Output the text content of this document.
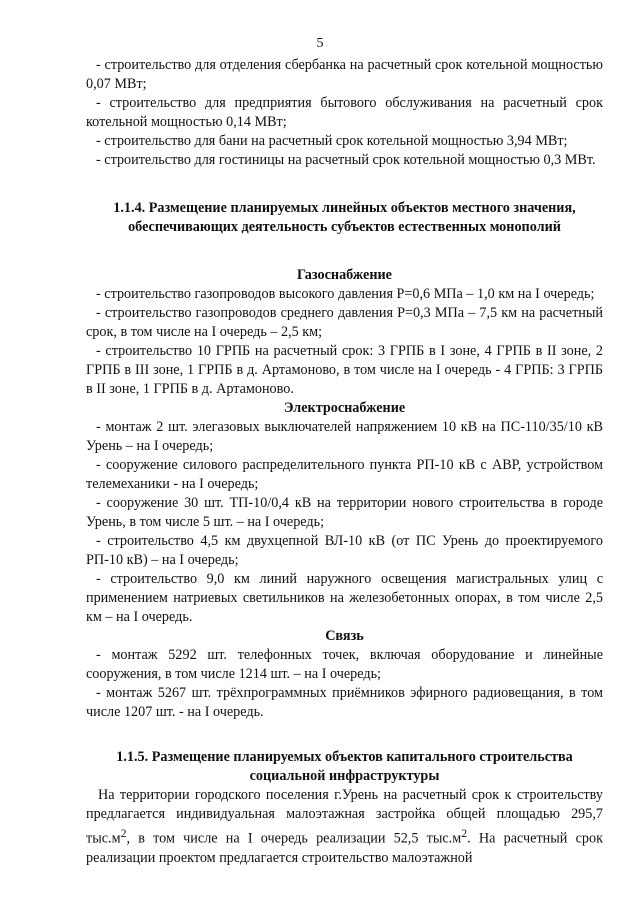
5

- строительство для отделения сбербанка на расчетный срок котельной мощностью 0,07 МВт;

- строительство для предприятия бытового обслуживания на расчетный срок котельной мощностью 0,14 МВт;

- строительство для бани на расчетный срок котельной мощностью 3,94 МВт;

- строительство для гостиницы на расчетный срок котельной мощностью 0,3 МВт.

1.1.4. Размещение планируемых линейных объектов местного значения, обеспечивающих деятельность субъектов естественных монополий

Газоснабжение

- строительство газопроводов высокого давления Р=0,6 МПа – 1,0 км на I очередь;

- строительство газопроводов среднего давления Р=0,3 МПа – 7,5 км на расчетный срок, в том числе на I очередь – 2,5 км;

- строительство 10 ГРПБ на расчетный срок: 3 ГРПБ в I зоне, 4 ГРПБ в II зоне, 2 ГРПБ в III зоне, 1 ГРПБ в д. Артамоново, в том числе на I очередь - 4 ГРПБ: 3 ГРПБ в II зоне, 1 ГРПБ в д. Артамоново.

Электроснабжение

- монтаж 2 шт. элегазовых выключателей напряжением 10 кВ на ПС-110/35/10 кВ Урень – на I очередь;

- сооружение силового распределительного пункта РП-10 кВ с АВР, устройством телемеханики - на I очередь;

- сооружение 30 шт. ТП-10/0,4 кВ на территории нового строительства в городе Урень, в том числе 5 шт. – на I очередь;

- строительство 4,5 км двухцепной ВЛ-10 кВ (от ПС Урень до проектируемого РП-10 кВ) – на I очередь;

- строительство 9,0 км линий наружного освещения магистральных улиц с применением натриевых светильников на железобетонных опорах, в том числе 2,5 км – на I очередь.

Связь

- монтаж 5292 шт. телефонных точек, включая оборудование и линейные сооружения, в том числе 1214 шт. – на I очередь;

- монтаж 5267 шт. трёхпрограммных приёмников эфирного радиовещания, в том числе 1207 шт. - на I очередь.

1.1.5. Размещение планируемых объектов капитального строительства социальной инфраструктуры

На территории городского поселения г.Урень на расчетный срок к строительству предлагается индивидуальная малоэтажная застройка общей площадью 295,7 $тыс.м^2$, в том числе на I очередь реализации 52,5 $тыс.м^2$. На расчетный срок реализации проектом предлагается строительство малоэтажной
